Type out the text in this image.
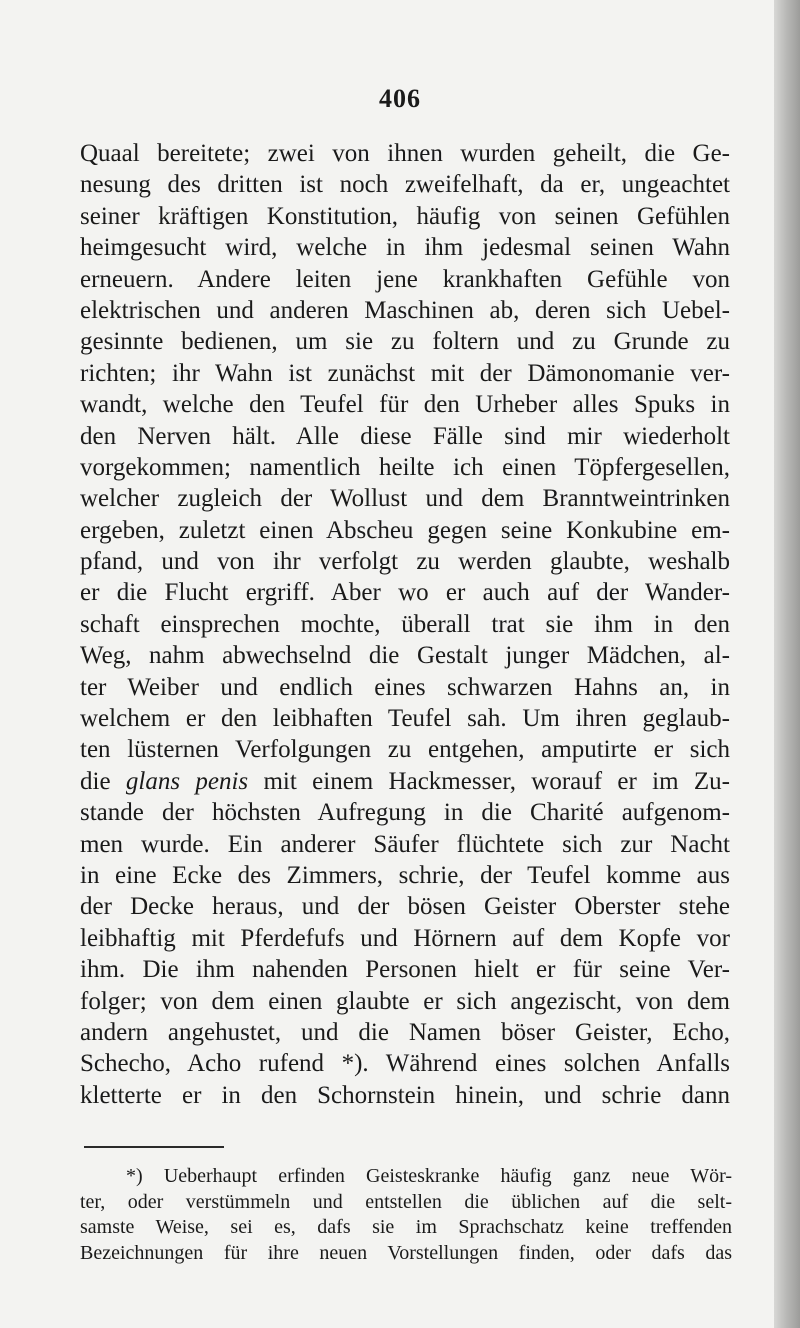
406
Quaal bereitete; zwei von ihnen wurden geheilt, die Ge-
nesung des dritten ist noch zweifelhaft, da er, ungeachtet
seiner kräftigen Konstitution, häufig von seinen Gefühlen
heimgesucht wird, welche in ihm jedesmal seinen Wahn
erneuern. Andere leiten jene krankhaften Gefühle von
elektrischen und anderen Maschinen ab, deren sich Uebel-
gesinnte bedienen, um sie zu foltern und zu Grunde zu
richten; ihr Wahn ist zunächst mit der Dämonomanie ver-
wandt, welche den Teufel für den Urheber alles Spuks in
den Nerven hält. Alle diese Fälle sind mir wiederholt
vorgekommen; namentlich heilte ich einen Töpfergesellen,
welcher zugleich der Wollust und dem Branntweintrinken
ergeben, zuletzt einen Abscheu gegen seine Konkubine em-
pfand, und von ihr verfolgt zu werden glaubte, weshalb
er die Flucht ergriff. Aber wo er auch auf der Wander-
schaft einsprechen mochte, überall trat sie ihm in den
Weg, nahm abwechselnd die Gestalt junger Mädchen, al-
ter Weiber und endlich eines schwarzen Hahns an, in
welchem er den leibhaften Teufel sah. Um ihren geglaub-
ten lüsternen Verfolgungen zu entgehen, amputirte er sich
die glans penis mit einem Hackmesser, worauf er im Zu-
stande der höchsten Aufregung in die Charité aufgenom-
men wurde. Ein anderer Säufer flüchtete sich zur Nacht
in eine Ecke des Zimmers, schrie, der Teufel komme aus
der Decke heraus, und der bösen Geister Oberster stehe
leibhaftig mit Pferdefufs und Hörnern auf dem Kopfe vor
ihm. Die ihm nahenden Personen hielt er für seine Ver-
folger; von dem einen glaubte er sich angezischt, von dem
andern angehustet, und die Namen böser Geister, Echo,
Schecho, Acho rufend *). Während eines solchen Anfalls
kletterte er in den Schornstein hinein, und schrie dann
*) Ueberhaupt erfinden Geisteskranke häufig ganz neue Wör-
ter, oder verstümmeln und entstellen die üblichen auf die selt-
samste Weise, sei es, dafs sie im Sprachschatz keine treffenden
Bezeichnungen für ihre neuen Vorstellungen finden, oder dafs das
